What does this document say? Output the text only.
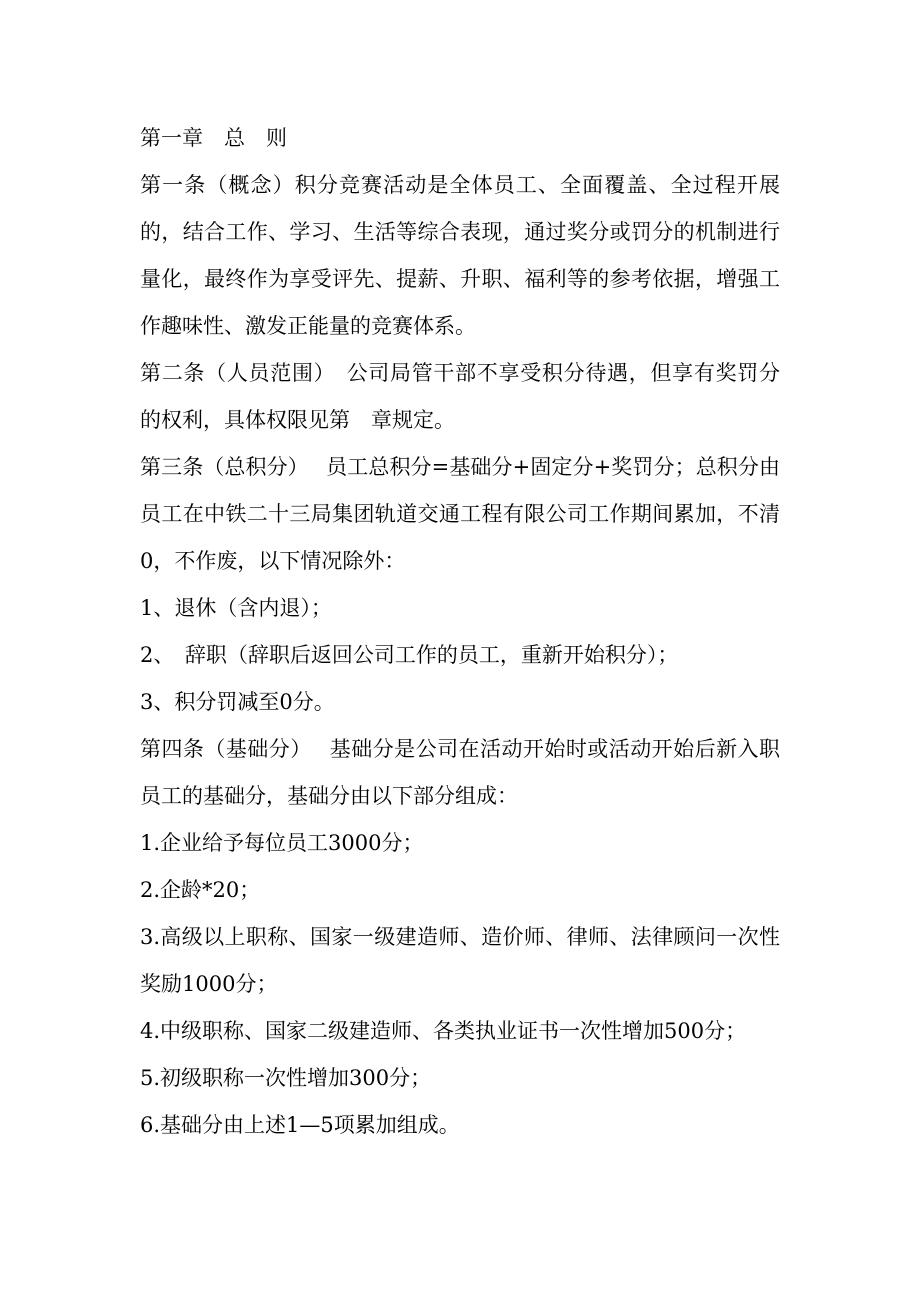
第一章　总　则

第一条（概念）积分竞赛活动是全体员工、全面覆盖、全过程开展的，结合工作、学习、生活等综合表现，通过奖分或罚分的机制进行量化，最终作为享受评先、提薪、升职、福利等的参考依据，增强工作趣味性、激发正能量的竞赛体系。

第二条（人员范围）　公司局管干部不享受积分待遇，但享有奖罚分的权利，具体权限见第　章规定。

第三条（总积分）　 员工总积分=基础分+固定分+奖罚分；总积分由员工在中铁二十三局集团轨道交通工程有限公司工作期间累加，不清0，不作废，以下情况除外：

1、退休（含内退）；

2、　辞职（辞职后返回公司工作的员工，重新开始积分）；

3、积分罚减至0分。

第四条（基础分）　 基础分是公司在活动开始时或活动开始后新入职员工的基础分，基础分由以下部分组成：

1.企业给予每位员工3000分；

2.企龄*20；

3.高级以上职称、国家一级建造师、造价师、律师、法律顾问一次性奖励1000分；

4.中级职称、国家二级建造师、各类执业证书一次性增加500分；

5.初级职称一次性增加300分；

6.基础分由上述1—5项累加组成。
